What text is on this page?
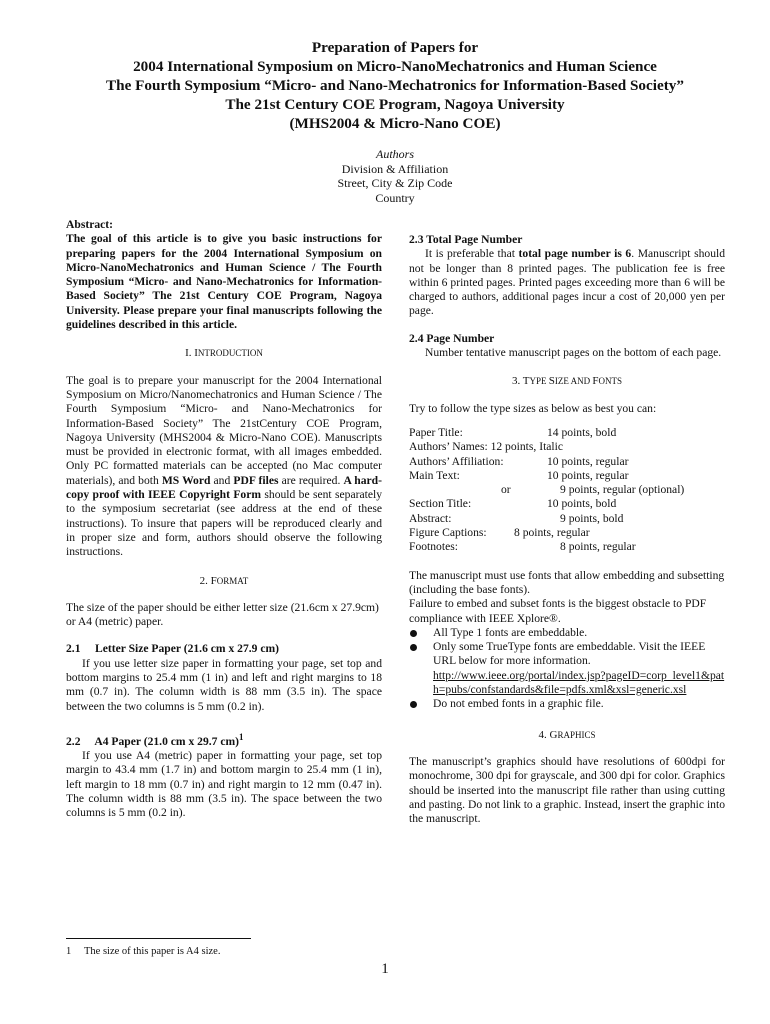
Preparation of Papers for
2004 International Symposium on Micro-NanoMechatronics and Human Science
The Fourth Symposium “Micro- and Nano-Mechatronics for Information-Based Society”
The 21st Century COE Program, Nagoya University
(MHS2004 & Micro-Nano COE)
Authors
Division & Affiliation
Street, City & Zip Code
Country
Abstract:
The goal of this article is to give you basic instructions for preparing papers for the 2004 International Symposium on Micro-NanoMechatronics and Human Science / The Fourth Symposium “Micro- and Nano-Mechatronics for Information-Based Society” The 21st Century COE Program, Nagoya University. Please prepare your final manuscripts following the guidelines described in this article.
I. INTRODUCTION
The goal is to prepare your manuscript for the 2004 International Symposium on Micro/Nanomechatronics and Human Science / The Fourth Symposium “Micro- and Nano-Mechatronics for Information-Based Society” The 21stCentury COE Program, Nagoya University (MHS2004 & Micro-Nano COE). Manuscripts must be provided in electronic format, with all images embedded. Only PC formatted materials can be accepted (no Mac computer materials), and both MS Word and PDF files are required. A hard-copy proof with IEEE Copyright Form should be sent separately to the symposium secretariat (see address at the end of these instructions). To insure that papers will be reproduced clearly and in proper size and form, authors should observe the following instructions.
2. FORMAT
The size of the paper should be either letter size (21.6cm x 27.9cm) or A4 (metric) paper.
2.1     Letter Size Paper (21.6 cm x 27.9 cm)
If you use letter size paper in formatting your page, set top and bottom margins to 25.4 mm (1 in) and left and right margins to 18 mm (0.7 in). The column width is 88 mm (3.5 in). The space between the two columns is 5 mm (0.2 in).
2.2     A4 Paper (21.0 cm x 29.7 cm)$^1$
If you use A4 (metric) paper in formatting your page, set top margin to 43.4 mm (1.7 in) and bottom margin to 25.4 mm (1 in), left margin to 18 mm (0.7 in) and right margin to 12 mm (0.47 in). The column width is 88 mm (3.5 in). The space between the two columns is 5 mm (0.2 in).
2.3 Total Page Number
It is preferable that total page number is 6. Manuscript should not be longer than 8 printed pages. The publication fee is free within 6 printed pages. Printed pages exceeding more than 6 will be charged to authors, additional pages incur a cost of 20,000 yen per page.
2.4 Page Number
Number tentative manuscript pages on the bottom of each page.
3. TYPE SIZE AND FONTS
Try to follow the type sizes as below as best you can:
Paper Title:	14 points, bold
Authors’ Names: 12 points, Italic
Authors’ Affiliation:	10 points, regular
Main Text:	10 points, regular
or	9 points, regular (optional)
Section Title:	10 points, bold
Abstract:	9 points, bold
Figure Captions: 8 points, regular
Footnotes:	8 points, regular
The manuscript must use fonts that allow embedding and subsetting (including the base fonts).
Failure to embed and subset fonts is the biggest obstacle to PDF compliance with IEEE Xplore®.
All Type 1 fonts are embeddable.
Only some TrueType fonts are embeddable. Visit the IEEE URL below for more information.
http://www.ieee.org/portal/index.jsp?pageID=corp_level1&path=pubs/confstandards&file=pdfs.xml&xsl=generic.xsl
Do not embed fonts in a graphic file.
4. GRAPHICS
The manuscript’s graphics should have resolutions of 600dpi for monochrome, 300 dpi for grayscale, and 300 dpi for color. Graphics should be inserted into the manuscript file rather than using cutting and pasting. Do not link to a graphic. Instead, insert the graphic into the manuscript.
1 The size of this paper is A4 size.
1
